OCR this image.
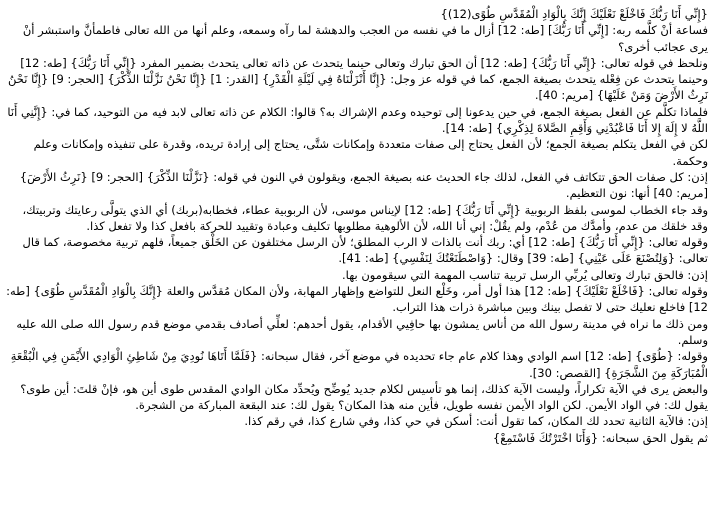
{إِنِّي أَنَا رَبُّكَ فَاخْلَعْ نَعْلَيْكَ إِنَّكَ بِالْوَادِ الْمُقَدَّسِ طُوًى(12)}

فساعة أنْ كلَّمه ربه: [إِنِّي أَنَا رَبُّكَ] [طه: 12] أزال ما في نفسه من العجب والدهشة لما رآه وسمعه، وعلم أنها من الله تعالى فاطمأنَّ واستبشر أنْ يرى عجائب أخرى؟

ونلحظ في قوله تعالى: {إِنِّي أَنَا رَبُّكَ} [طه: 12] أن الحق تبارك وتعالى حينما يتحدث عن ذاته تعالى يتحدث بضمير المفرد {إِنِّي أَنَا رَبُّكَ} [طه: 12] وحينما يتحدث عن فِعْله يتحدث بصيغة الجمع، كما في قوله عز وجل: {إِنَّا أَنْزَلْنَاهُ فِي لَيْلَةِ الْقَدْرِ} [القدر: 1] {إِنَّا نَحْنُ نَزَّلْنَا الذِّكْرَ} [الحجر: 9] {إِنَّا نَحْنُ نَرِثُ الأَرْضَ وَمَنْ عَلَيْهَا} [مريم: 40].

فلماذا تكلَّم عن الفعل بصيغة الجمع، في حين يدعونا إلى توحيده وعدم الإشراك به؟ قالوا: الكلام عن ذاته تعالى لابد فيه من التوحيد، كما في: {إِنَّنِي أَنَا اللَّهُ لا إِلَهَ إِلا أَنَا فَاعْبُدْنِي وَأَقِمِ الصَّلاةَ لِذِكْرِي} [طه: 14].

لكن في الفعل يتكلم بصيغة الجمع؛ لأن الفعل يحتاج إلى صفات متعددة وإمكانات شتَّى، يحتاج إلى إرادة تريده، وقدرة على تنفيذه وإمكانات وعلم وحكمة.

إذن: كل صفات الحق تتكاتف في الفعل، لذلك جاء الحديث عنه بصيغة الجمع، ويقولون في النون في قوله: {نَزَّلْنَا الذِّكْرَ} [الحجر: 9] {نَرِثُ الأَرْضَ} [مريم: 40] أنها: نون التعظيم.

وقد جاء الخطاب لموسى بلفظ الربوبية {إِنِّي أَنَا رَبُّكَ} [طه: 12] لإيناس موسى، لأن الربوبية عطاء، فخطابه(بربك) أي الذي يتولَّى رعايتك وتربيتك، وقد خلقك من عدم، وأمدَّك من عُدْم، ولم يقُلْ: إني أنا الله، لأن الألوهية مطلوبها تكليف وعبادة وتقييد للحركة بافعل كذا ولا تفعل كذا.

وقوله تعالى: {إِنِّي أَنَا رَبُّكَ} [طه: 12] أي: ربك أنت بالذات لا الرب المطلق؛ لأن الرسل مختلفون عن الخَلْق جميعاً، فلهم تربية مخصوصة، كما قال تعالى: {وَلِتُصْنَعَ عَلَى عَيْنِي} [طه: 39] وقال: {وَاصْطَنَعْتُكَ لِنَفْسِي} [طه: 41].

إذن: فالحق تبارك وتعالى يُربِّي الرسل تربية تناسب المهمة التي سيقومون بها.

وقوله تعالى: {فَاخْلَعْ نَعْلَيْكَ} [طه: 12] هذا أول أمر، وخَلْع النعل للتواضع وإظهار المهابة، ولأن المكان مُقدَّس والعلة {إِنَّكَ بِالْوَادِ الْمُقَدَّسِ طُوًى} [طه: 12] فاخلع نعليك حتى لا تفصل بينك وبين مباشرة ذرات هذا التراب.

ومن ذلك ما نراه في مدينة رسول الله من أناس يمشون بها حافِيي الأقدام، يقول أحدهم: لعلِّي أصادف بقدمي موضع قدم رسول الله صلى الله عليه وسلم.

وقوله: {طُوًى} [طه: 12] اسم الوادي وهذا كلام عام جاء تحديده في موضع آخر، فقال سبحانه: {فَلَمَّا أَتَاهَا نُودِيَ مِنْ شَاطِئِ الْوَادِي الأَيْمَنِ فِي الْبُقْعَةِ الْمُبَارَكَةِ مِنَ الشَّجَرَةِ} [القصص: 30].

والبعض يرى في الآية تكراراً، وليست الآية كذلك، إنما هو تأسيس لكلام جديد يُوضِّح ويُحدِّد مكان الوادي المقدس طوى أين هو، فإنْ قلتَ: أين طوى؟ يقول لك: في الواد الأيمن. لكن الواد الأيمن نفسه طويل، فأين منه هذا المكان؟ يقول لك: عند البقعة المباركة من الشجرة.

إذن: فالآية الثانية تحدد لك المكان، كما تقول أنت: أسكن في حي كذا، وفي شارع كذا، في رقم كذا.

ثم يقول الحق سبحانه: {وَأَنَا اخْتَرْتُكَ فَاسْتَمِعْ}
